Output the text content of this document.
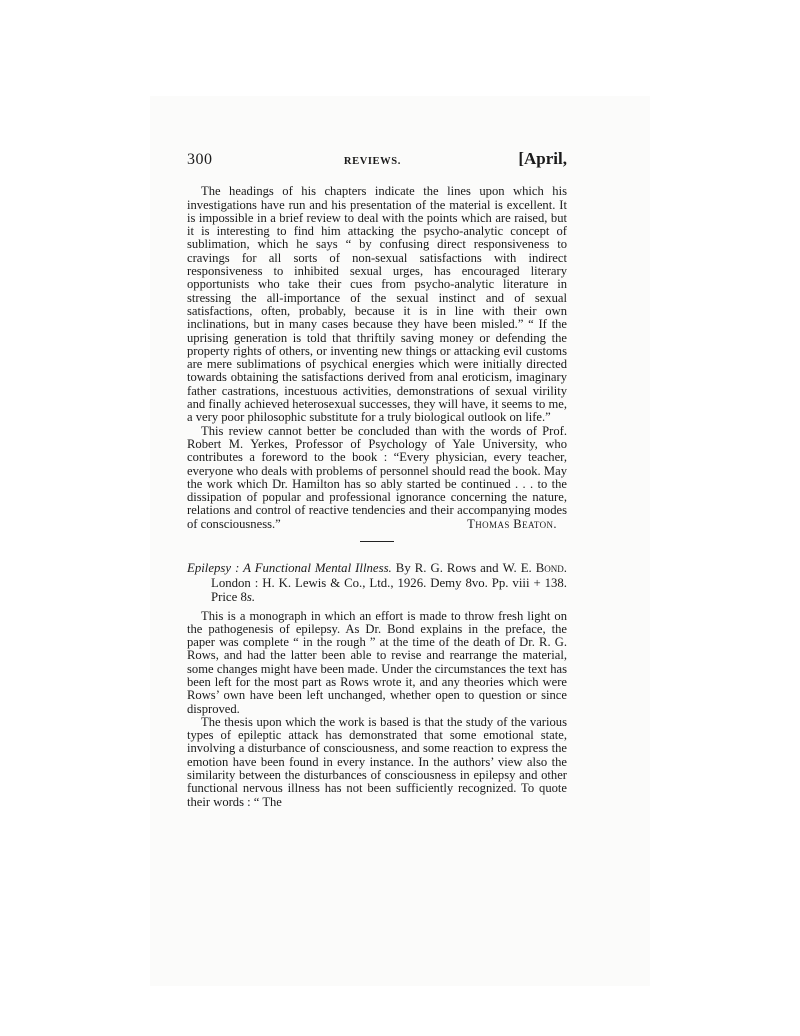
300	REVIEWS.	[April,

The headings of his chapters indicate the lines upon which his investigations have run and his presentation of the material is excellent. It is impossible in a brief review to deal with the points which are raised, but it is interesting to find him attacking the psycho-analytic concept of sublimation, which he says “ by confusing direct responsiveness to cravings for all sorts of non-sexual satisfactions with indirect responsiveness to inhibited sexual urges, has encouraged literary opportunists who take their cues from psycho-analytic literature in stressing the all-importance of the sexual instinct and of sexual satisfactions, often, probably, because it is in line with their own inclinations, but in many cases because they have been misled.” “ If the uprising generation is told that thriftily saving money or defending the property rights of others, or inventing new things or attacking evil customs are mere sublimations of psychical energies which were initially directed towards obtaining the satisfactions derived from anal eroticism, imaginary father castrations, incestuous activities, demonstrations of sexual virility and finally achieved heterosexual successes, they will have, it seems to me, a very poor philosophic substitute for a truly biological outlook on life.”

This review cannot better be concluded than with the words of Prof. Robert M. Yerkes, Professor of Psychology of Yale University, who contributes a foreword to the book : “Every physician, every teacher, everyone who deals with problems of personnel should read the book. May the work which Dr. Hamilton has so ably started be continued . . . to the dissipation of popular and professional ignorance concerning the nature, relations and control of reactive tendencies and their accompanying modes of consciousness.”	Thomas Beaton.

Epilepsy : A Functional Mental Illness. By R. G. Rows and W. E. Bond. London : H. K. Lewis & Co., Ltd., 1926. Demy 8vo. Pp. viii + 138. Price 8s.

This is a monograph in which an effort is made to throw fresh light on the pathogenesis of epilepsy. As Dr. Bond explains in the preface, the paper was complete “ in the rough ” at the time of the death of Dr. R. G. Rows, and had the latter been able to revise and rearrange the material, some changes might have been made. Under the circumstances the text has been left for the most part as Rows wrote it, and any theories which were Rows’ own have been left unchanged, whether open to question or since disproved.

The thesis upon which the work is based is that the study of the various types of epileptic attack has demonstrated that some emotional state, involving a disturbance of consciousness, and some reaction to express the emotion have been found in every instance. In the authors’ view also the similarity between the disturbances of consciousness in epilepsy and other functional nervous illness has not been sufficiently recognized. To quote their words : “ The
